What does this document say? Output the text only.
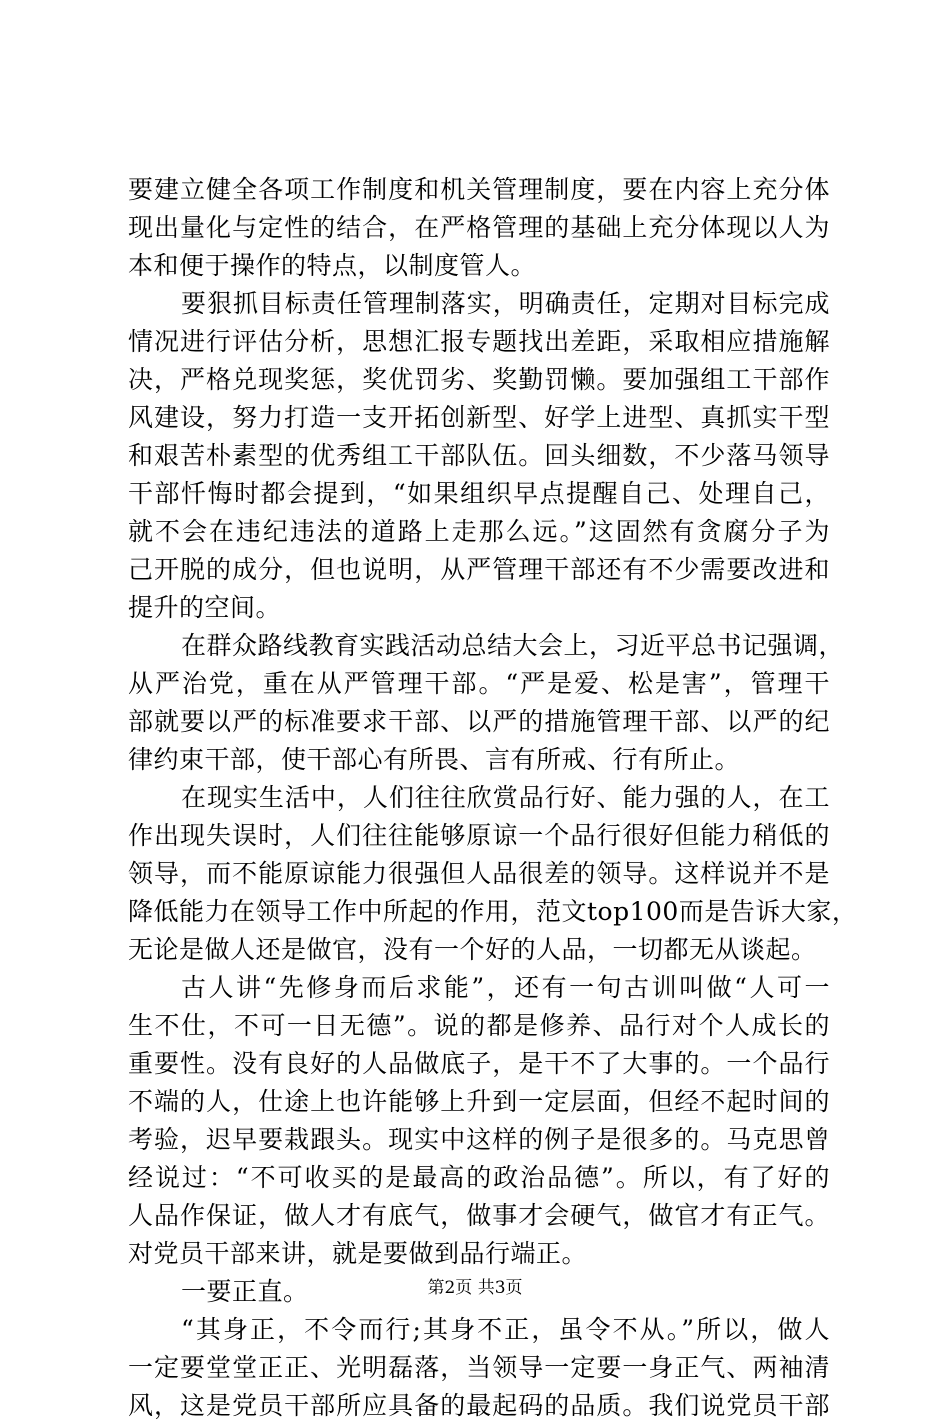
要建立健全各项工作制度和机关管理制度，要在内容上充分体
现出量化与定性的结合，在严格管理的基础上充分体现以人为
本和便于操作的特点，以制度管人。
要狠抓目标责任管理制落实，明确责任，定期对目标完成
情况进行评估分析，思想汇报专题找出差距，采取相应措施解
决，严格兑现奖惩，奖优罚劣、奖勤罚懒。要加强组工干部作
风建设，努力打造一支开拓创新型、好学上进型、真抓实干型
和艰苦朴素型的优秀组工干部队伍。回头细数，不少落马领导
干部忏悔时都会提到，“如果组织早点提醒自己、处理自己，
就不会在违纪违法的道路上走那么远。”这固然有贪腐分子为
己开脱的成分，但也说明，从严管理干部还有不少需要改进和
提升的空间。
在群众路线教育实践活动总结大会上，习近平总书记强调，
从严治党，重在从严管理干部。“严是爱、松是害”，管理干
部就要以严的标准要求干部、以严的措施管理干部、以严的纪
律约束干部，使干部心有所畏、言有所戒、行有所止。
在现实生活中，人们往往欣赏品行好、能力强的人，在工
作出现失误时，人们往往能够原谅一个品行很好但能力稍低的
领导，而不能原谅能力很强但人品很差的领导。这样说并不是
降低能力在领导工作中所起的作用，范文top100而是告诉大家，
无论是做人还是做官，没有一个好的人品，一切都无从谈起。
古人讲“先修身而后求能”，还有一句古训叫做“人可一
生不仕，不可一日无德”。说的都是修养、品行对个人成长的
重要性。没有良好的人品做底子，是干不了大事的。一个品行
不端的人，仕途上也许能够上升到一定层面，但经不起时间的
考验，迟早要栽跟头。现实中这样的例子是很多的。马克思曾
经说过：“不可收买的是最高的政治品德”。所以，有了好的
人品作保证，做人才有底气，做事才会硬气，做官才有正气。
对党员干部来讲，就是要做到品行端正。
一要正直。
“其身正，不令而行;其身不正，虽令不从。”所以，做人
一定要堂堂正正、光明磊落，当领导一定要一身正气、两袖清
风，这是党员干部所应具备的最起码的品质。我们说党员干部
第2页 共3页
